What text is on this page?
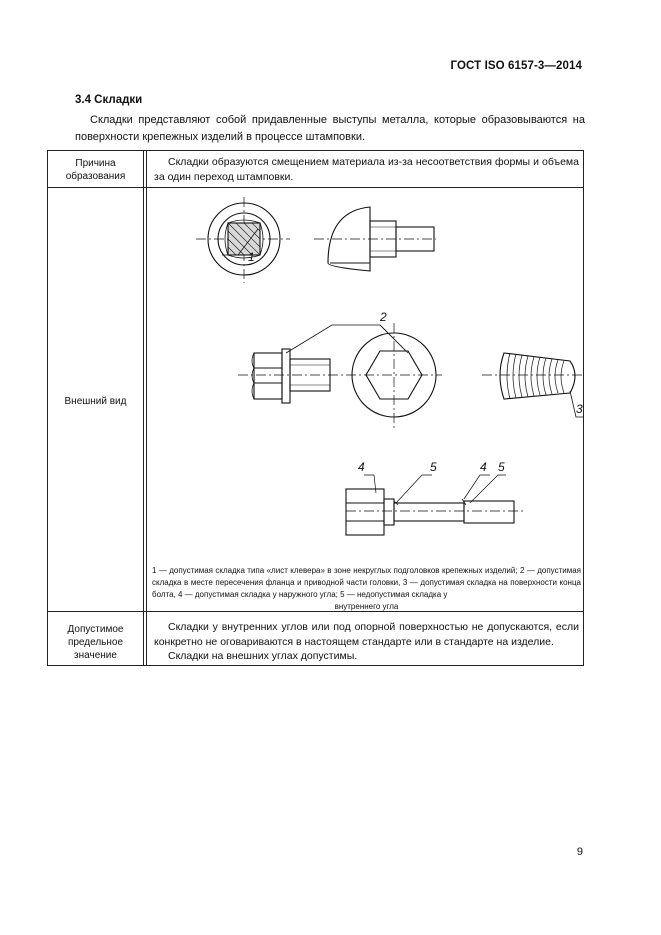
ГОСТ ISO 6157-3—2014
3.4 Складки
Складки представляют собой придавленные выступы металла, которые образовываются на поверхности крепежных изделий в процессе штамповки.
Причина
образования
Складки образуются смещением материала из-за несоответствия формы и объема за один переход штамповки.
Внешний вид
1
2
3
4	5	4 5
1 — допустимая складка типа «лист клевера» в зоне некруглых подголовков крепежных изделий; 2 — допустимая складка в месте пересечения фланца и приводной части головки, 3 — допустимая складка на поверхности конца болта, 4 — допустимая складка у наружного угла; 5 — недопустимая складка у
внутреннего угла
Допустимое
предельное
значение
Складки у внутренних углов или под опорной поверхностью не допускаются, если конкретно не оговариваются в настоящем стандарте или в стандарте на изделие.
Складки на внешних углах допустимы.
9
